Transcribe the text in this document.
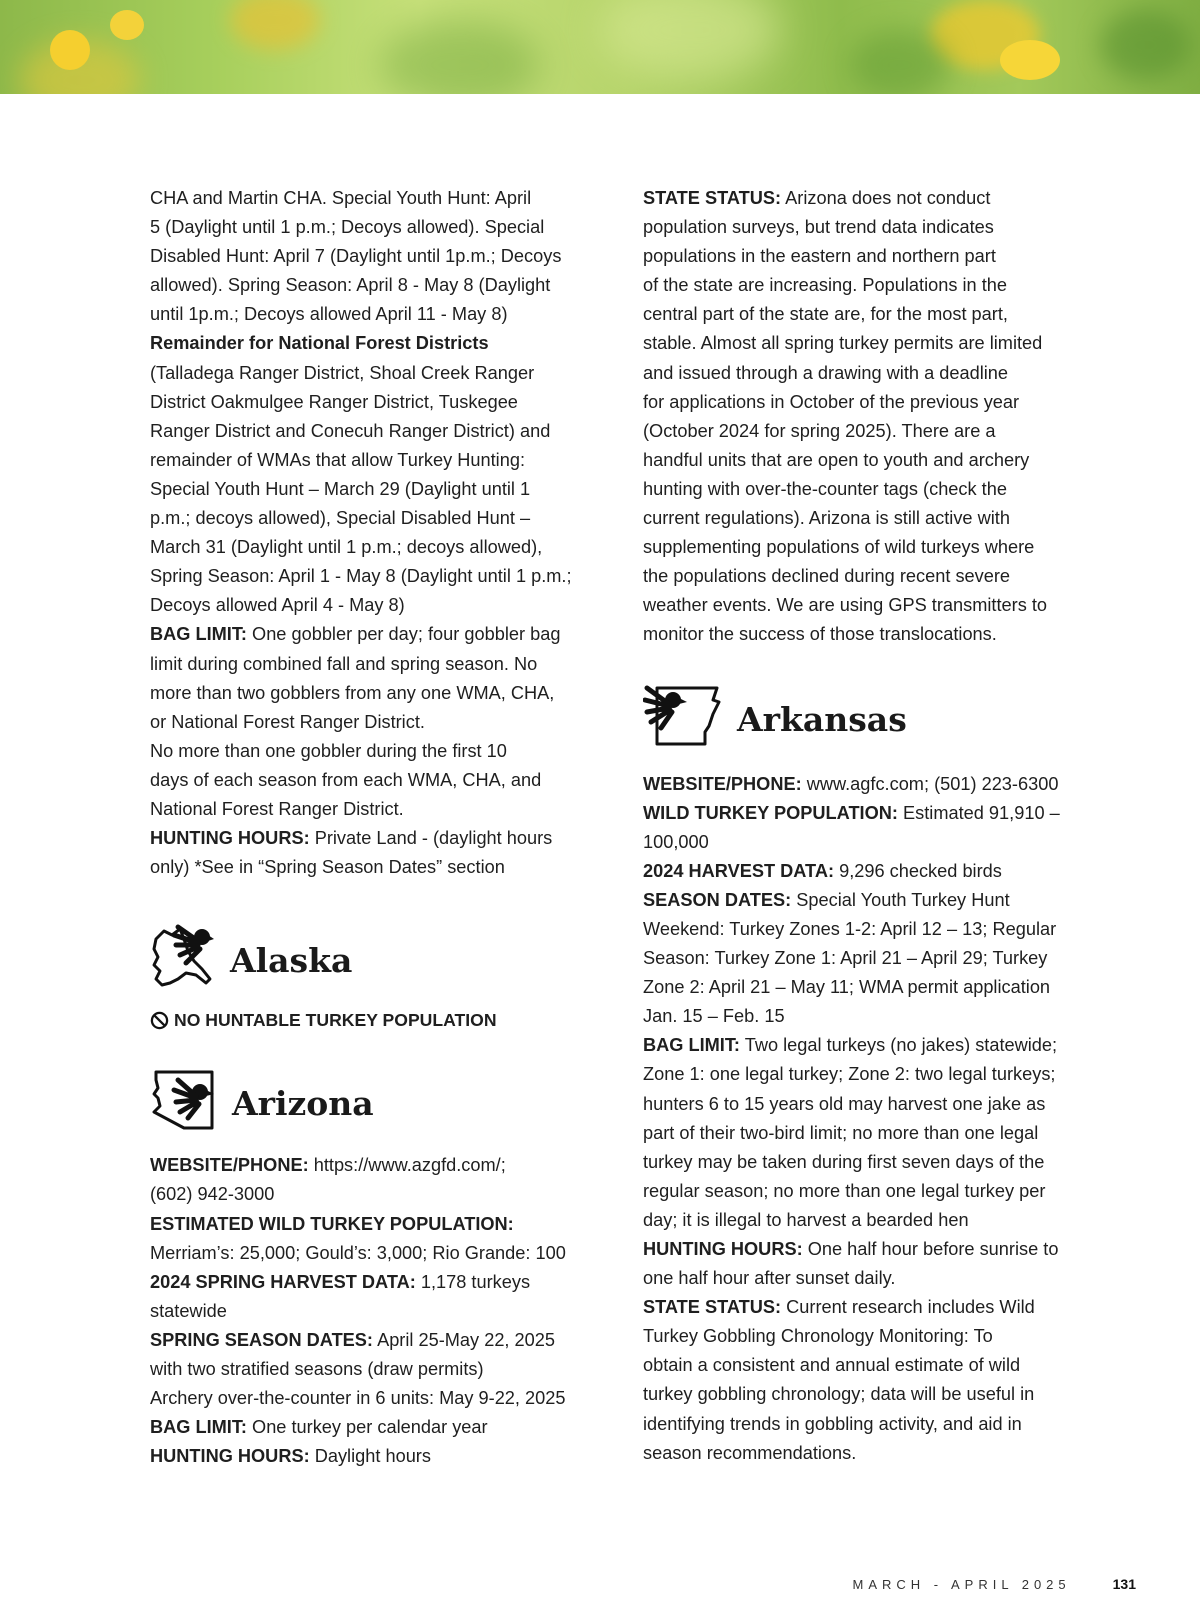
CHA and Martin CHA. Special Youth Hunt: April

5 (Daylight until 1 p.m.; Decoys allowed). Special

Disabled Hunt: April 7 (Daylight until 1p.m.; Decoys

allowed). Spring Season: April 8 - May 8 (Daylight

until 1p.m.; Decoys allowed April 11 - May 8)

Remainder for National Forest Districts

(Talladega Ranger District, Shoal Creek Ranger

District Oakmulgee Ranger District, Tuskegee

Ranger District and Conecuh Ranger District) and

remainder of WMAs that allow Turkey Hunting:

Special Youth Hunt – March 29 (Daylight until 1

p.m.; decoys allowed), Special Disabled Hunt –

March 31 (Daylight until 1 p.m.; decoys allowed),

Spring Season: April 1 - May 8 (Daylight until 1 p.m.;

Decoys allowed April 4 - May 8)

BAG LIMIT: One gobbler per day; four gobbler bag

limit during combined fall and spring season. No

more than two gobblers from any one WMA, CHA,

or National Forest Ranger District.

No more than one gobbler during the first 10

days of each season from each WMA, CHA, and

National Forest Ranger District.

HUNTING HOURS: Private Land - (daylight hours

only) *See in “Spring Season Dates” section

Alaska
NO HUNTABLE TURKEY POPULATION
Arizona

WEBSITE/PHONE: https://www.azgfd.com/;

(602) 942-3000

ESTIMATED WILD TURKEY POPULATION:

Merriam’s: 25,000; Gould’s: 3,000; Rio Grande: 100

2024 SPRING HARVEST DATA: 1,178 turkeys

statewide

SPRING SEASON DATES: April 25-May 22, 2025

with two stratified seasons (draw permits)

Archery over-the-counter in 6 units: May 9-22, 2025

BAG LIMIT: One turkey per calendar year

HUNTING HOURS: Daylight hours

STATE STATUS: Arizona does not conduct

population surveys, but trend data indicates

populations in the eastern and northern part

of the state are increasing. Populations in the

central part of the state are, for the most part,

stable. Almost all spring turkey permits are limited

and issued through a drawing with a deadline

for applications in October of the previous year

(October 2024 for spring 2025). There are a

handful units that are open to youth and archery

hunting with over-the-counter tags (check the

current regulations). Arizona is still active with

supplementing populations of wild turkeys where

the populations declined during recent severe

weather events. We are using GPS transmitters to

monitor the success of those translocations.

Arkansas

WEBSITE/PHONE: www.agfc.com; (501) 223-6300

WILD TURKEY POPULATION: Estimated 91,910 –

100,000

2024 HARVEST DATA: 9,296 checked birds

SEASON DATES: Special Youth Turkey Hunt

Weekend: Turkey Zones 1-2: April 12 – 13; Regular

Season: Turkey Zone 1: April 21 – April 29; Turkey

Zone 2: April 21 – May 11; WMA permit application

Jan. 15 – Feb. 15

BAG LIMIT: Two legal turkeys (no jakes) statewide;

Zone 1: one legal turkey; Zone 2: two legal turkeys;

hunters 6 to 15 years old may harvest one jake as

part of their two-bird limit; no more than one legal

turkey may be taken during first seven days of the

regular season; no more than one legal turkey per

day; it is illegal to harvest a bearded hen

HUNTING HOURS: One half hour before sunrise to

one half hour after sunset daily.

STATE STATUS: Current research includes Wild

Turkey Gobbling Chronology Monitoring: To

obtain a consistent and annual estimate of wild

turkey gobbling chronology; data will be useful in

identifying trends in gobbling activity, and aid in

season recommendations.

MARCH - APRIL 2025	131
